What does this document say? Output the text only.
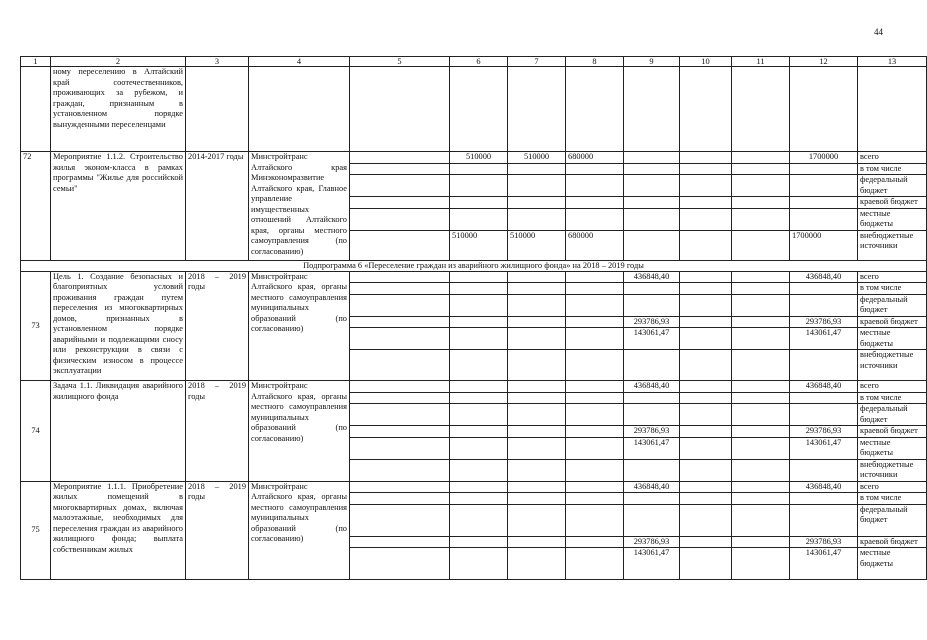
44
1	2	3	4	5	6	7	8	9	10	11	12	13
	ному переселению в Алтайский край соотечественников, проживающих за рубежом, и граждан, признанным в установленном порядке вынужденными переселенцами											
72	Мероприятие 1.1.2. Строительство жилья эконом-класса в рамках программы "Жилье для российской семьи"	2014-2017 годы	Минстройтранс Алтайского края Минэкономразвитие Алтайского края, Главное управление имущественных отношений Алтайского края, органы местного самоуправления (по согласованию)		510000	510000	680000				1700000	всего
												в том числе
												федеральный бюджет
												краевой бюджет
												местные бюджеты
					510000	510000	680000				1700000	внебюджетные источники
Подпрограмма 6 «Переселение граждан из аварийного жилищного фонда» на 2018 – 2019 годы												
73	Цель 1. Создание безопасных и благоприятных условий проживания граждан путем переселения из многоквартирных домов, признанных в установленном порядке аварийными и подлежащими сносу или реконструкции в связи с физическим износом в процессе эксплуатации	2018 – 2019 годы	Минстройтранс Алтайского края, органы местного самоуправления муниципальных образований (по согласованию)					436848,40			436848,40	всего
												в том числе
												федеральный бюджет
								293786,93			293786,93	краевой бюджет
								143061,47			143061,47	местные бюджеты
												внебюджетные источники
74	Задача 1.1. Ликвидация аварийного жилищного фонда	2018 – 2019 годы	Минстройтранс Алтайского края, органы местного самоуправления муниципальных образований (по согласованию)					436848,40			436848,40	всего
												в том числе
												федеральный бюджет
								293786,93			293786,93	краевой бюджет
								143061,47			143061,47	местные бюджеты
												внебюджетные источники
75	Мероприятие 1.1.1. Приобретение жилых помещений в многоквартирных домах, включая малоэтажные, необходимых для переселения граждан из аварийного жилищного фонда; выплата собственникам жилых	2018 – 2019 годы	Минстройтранс Алтайского края, органы местного самоуправления муниципальных образований (по согласованию)					436848,40			436848,40	всего
												в том числе
												федеральный бюджет
								293786,93			293786,93	краевой бюджет
								143061,47			143061,47	местные бюджеты
